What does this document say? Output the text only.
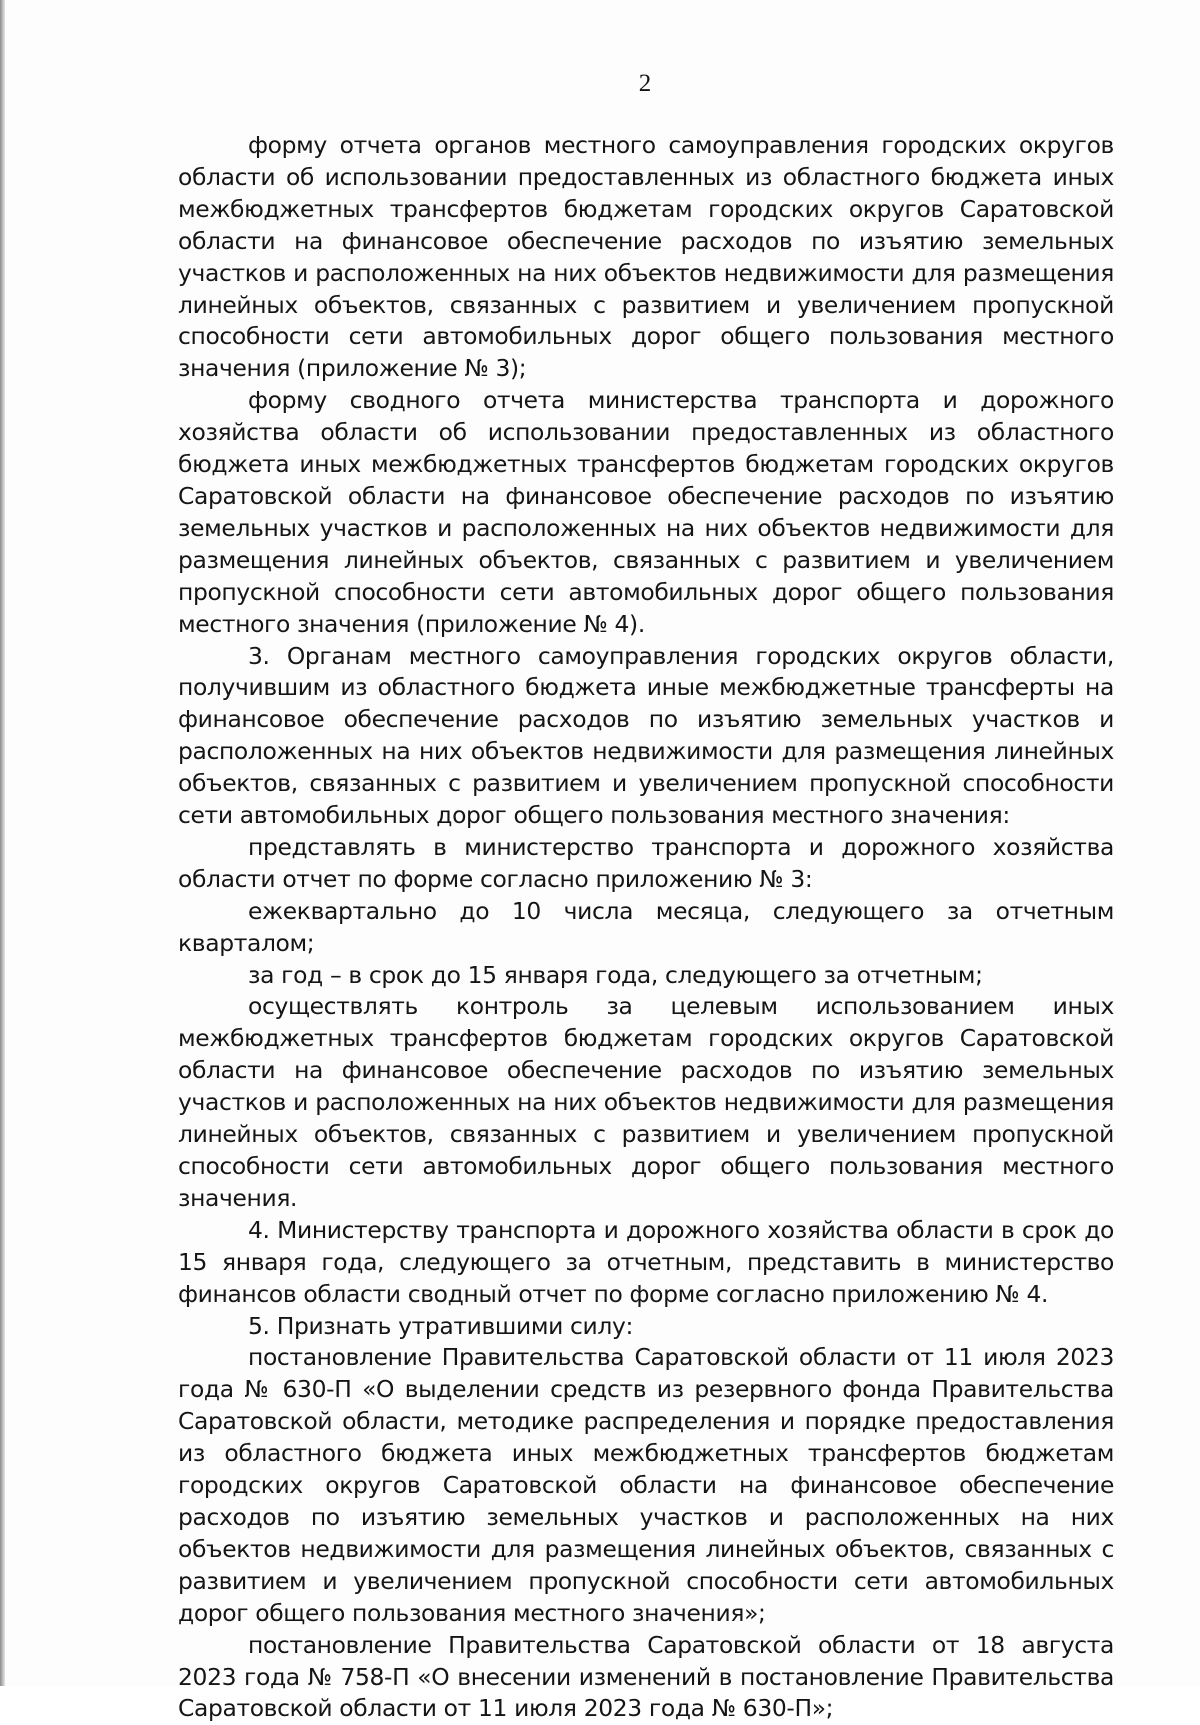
2

форму отчета органов местного самоуправления городских округов области об использовании предоставленных из областного бюджета иных межбюджетных трансфертов бюджетам городских округов Саратовской области на финансовое обеспечение расходов по изъятию земельных участков и расположенных на них объектов недвижимости для размещения линейных объектов, связанных с развитием и увеличением пропускной способности сети автомобильных дорог общего пользования местного значения (приложение № 3);

форму сводного отчета министерства транспорта и дорожного хозяйства области об использовании предоставленных из областного бюджета иных межбюджетных трансфертов бюджетам городских округов Саратовской области на финансовое обеспечение расходов по изъятию земельных участков и расположенных на них объектов недвижимости для размещения линейных объектов, связанных с развитием и увеличением пропускной способности сети автомобильных дорог общего пользования местного значения (приложение № 4).

3. Органам местного самоуправления городских округов области, получившим из областного бюджета иные межбюджетные трансферты на финансовое обеспечение расходов по изъятию земельных участков и расположенных на них объектов недвижимости для размещения линейных объектов, связанных с развитием и увеличением пропускной способности сети автомобильных дорог общего пользования местного значения:

представлять в министерство транспорта и дорожного хозяйства области отчет по форме согласно приложению № 3:

ежеквартально до 10 числа месяца, следующего за отчетным кварталом;

за год – в срок до 15 января года, следующего за отчетным;

осуществлять контроль за целевым использованием иных межбюджетных трансфертов бюджетам городских округов Саратовской области на финансовое обеспечение расходов по изъятию земельных участков и расположенных на них объектов недвижимости для размещения линейных объектов, связанных с развитием и увеличением пропускной способности сети автомобильных дорог общего пользования местного значения.

4. Министерству транспорта и дорожного хозяйства области в срок до 15 января года, следующего за отчетным, представить в министерство финансов области сводный отчет по форме согласно приложению № 4.

5. Признать утратившими силу:

постановление Правительства Саратовской области от 11 июля 2023 года № 630-П «О выделении средств из резервного фонда Правительства Саратовской области, методике распределения и порядке предоставления из областного бюджета иных межбюджетных трансфертов бюджетам городских округов Саратовской области на финансовое обеспечение расходов по изъятию земельных участков и расположенных на них объектов недвижимости для размещения линейных объектов, связанных с развитием и увеличением пропускной способности сети автомобильных дорог общего пользования местного значения»;

постановление Правительства Саратовской области от 18 августа 2023 года № 758-П «О внесении изменений в постановление Правительства Саратовской области от 11 июля 2023 года № 630-П»;
